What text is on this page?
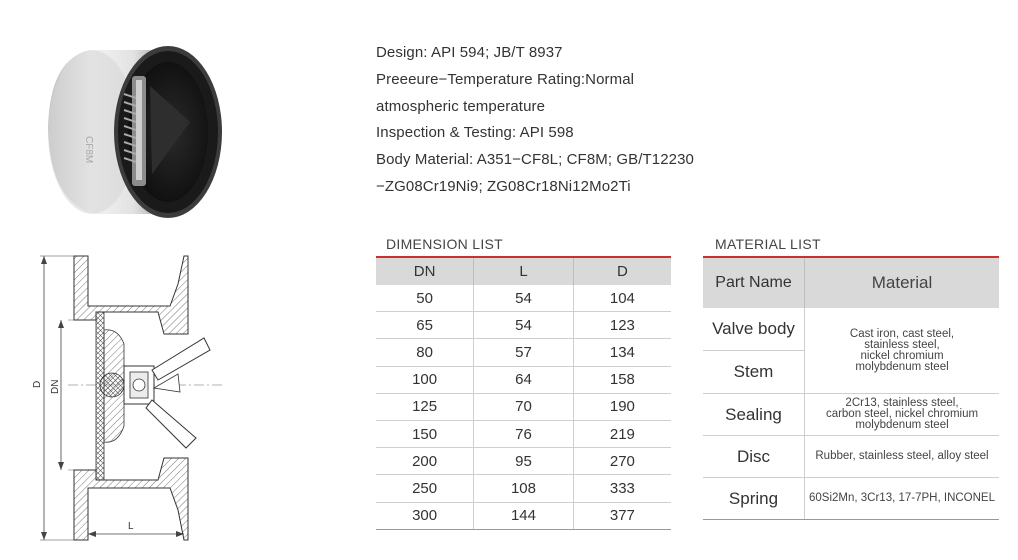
CF8M
D DN
L
Design: API 594; JB/T 8937
Preeeure−Temperature Rating:Normal
atmospheric temperature
Inspection & Testing: API 598
Body Material: A351−CF8L; CF8M; GB/T12230
−ZG08Cr19Ni9; ZG08Cr18Ni12Mo2Ti
DIMENSION LIST
DN	L	D
50	54	104
65	54	123
80	57	134
100	64	158
125	70	190
150	76	219
200	95	270
250	108	333
300	144	377
MATERIAL LIST
Part Name	Material
Valve body	Cast iron, cast steel,
stainless steel,
nickel chromium
molybdenum steel

Stem	
Sealing	2Cr13, stainless steel,
carbon steel, nickel chromium
molybdenum steel

Disc	Rubber, stainless steel, alloy steel
Spring	60Si2Mn, 3Cr13, 17-7PH, INCONEL
